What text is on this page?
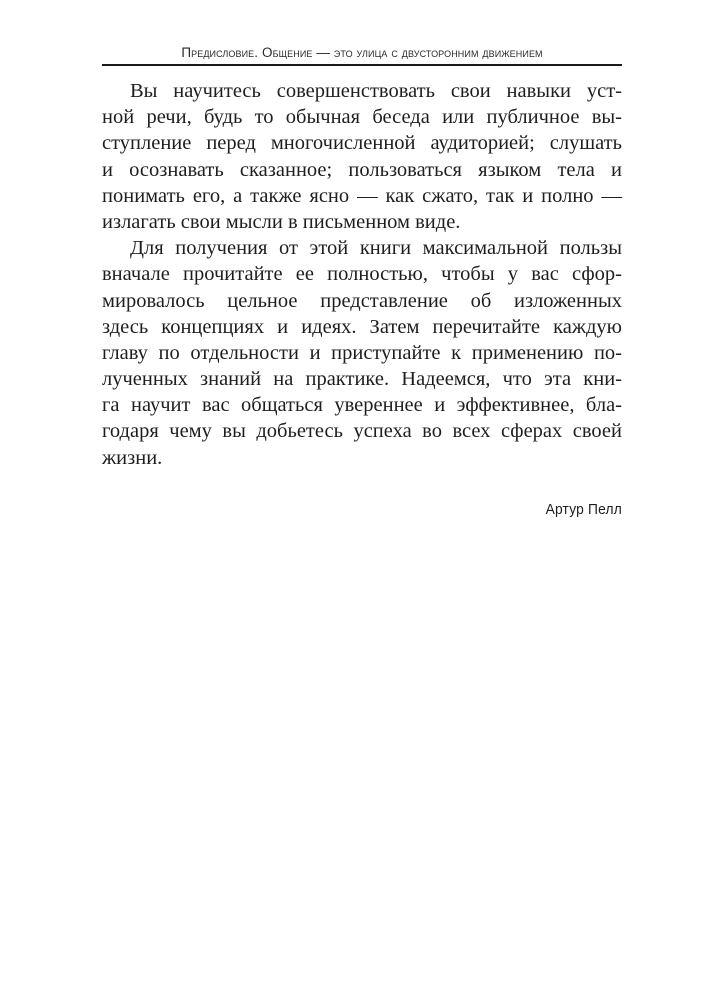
Предисловие. Общение — это улица с двусторонним движением
Вы научитесь совершенствовать свои навыки уст-
ной речи, будь то обычная беседа или публичное вы-
ступление перед многочисленной аудиторией; слушать
и осознавать сказанное; пользоваться языком тела и
понимать его, а также ясно — как сжато, так и полно —
излагать свои мысли в письменном виде.
Для получения от этой книги максимальной пользы
вначале прочитайте ее полностью, чтобы у вас сфор-
мировалось цельное представление об изложенных
здесь концепциях и идеях. Затем перечитайте каждую
главу по отдельности и приступайте к применению по-
лученных знаний на практике. Надеемся, что эта кни-
га научит вас общаться увереннее и эффективнее, бла-
годаря чему вы добьетесь успеха во всех сферах своей
жизни.
Артур Пелл
